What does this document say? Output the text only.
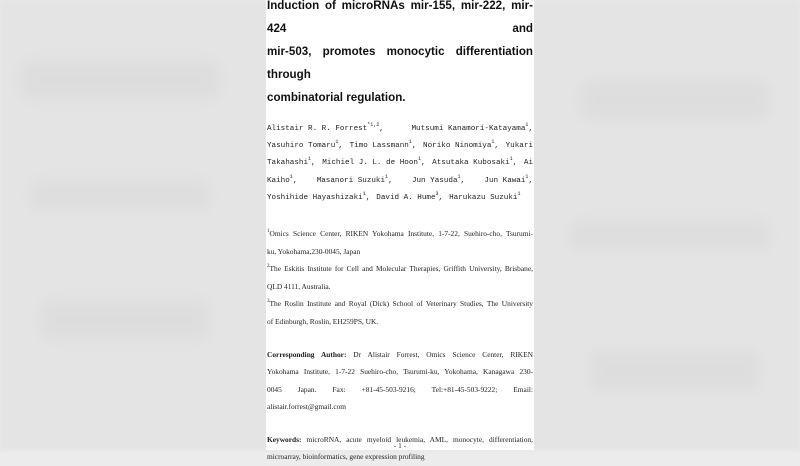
Induction of microRNAs mir-155, mir-222, mir-424 and
mir-503, promotes monocytic differentiation through
combinatorial regulation.
Alistair R. R. Forrest$^{*1,2}$,	Mutsumi Kanamori-Katayama$^1$,
Yasuhiro Tomaru$^1$, Timo Lassmann$^1$, Noriko Ninomiya$^1$, Yukari
Takahashi$^1$, Michiel J. L. de Hoon$^1$, Atsutaka Kubosaki$^1$, Ai
Kaiho$^1$,	Masanori Suzuki$^1$,	Jun Yasuda$^1$,	Jun Kawai$^1$,
Yoshihide Hayashizaki$^1$, David A. Hume$^3$, Harukazu Suzuki$^1$
$^1$Omics Science Center, RIKEN Yokohama Institute, 1-7-22, Suehiro-cho, Tsurumi-
ku, Yokohama,230-0045, Japan
$^2$The Eskitis Institute for Cell and Molecular Therapies, Griffith University, Brisbane,
QLD 4111, Australia.
$^3$The Roslin Institute and Royal (Dick) School of Veterinary Studies, The University
of Edinburgh, Roslin, EH259PS, UK.
Corresponding Author: Dr Alistair Forrest, Omics Science Center, RIKEN
Yokohama Institute, 1-7-22 Suehiro-cho, Tsurumi-ku, Yokohama, Kanagawa 230-
0045 Japan. Fax: +81-45-503-9216; Tel:+81-45-503-9222; Email:
alistair.forrest@gmail.com
Keywords: microRNA, acute myeloid leukemia, AML, monocyte, differentiation,
microarray, bioinformatics, gene expression profiling
- 1 -
